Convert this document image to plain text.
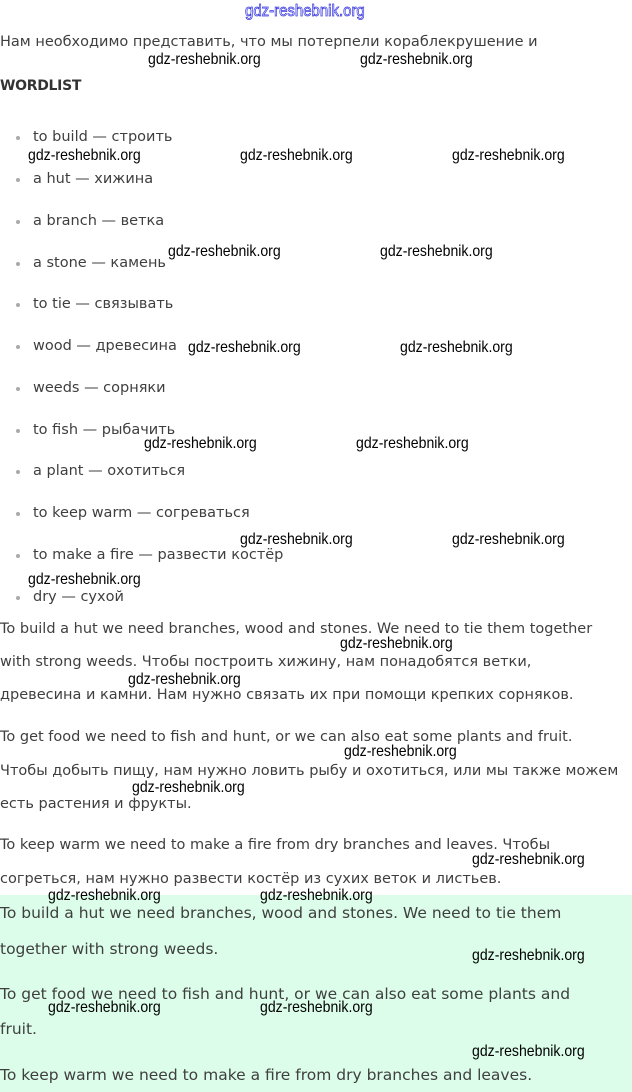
Нам необходимо представить, что мы потерпели кораблекрушение и
WORDLIST
to build — строить
a hut — хижина
a branch — ветка
a stone — камень
to tie — связывать
wood — древесина
weeds — сорняки
to fish — рыбачить
a plant — охотиться
to keep warm — согреваться
to make a fire — развести костёр
dry — сухой
To build a hut we need branches, wood and stones. We need to tie them together
with strong weeds. Чтобы построить хижину, нам понадобятся ветки,
древесина и камни. Нам нужно связать их при помощи крепких сорняков.
To get food we need to fish and hunt, or we can also eat some plants and fruit.
Чтобы добыть пищу, нам нужно ловить рыбу и охотиться, или мы также можем
есть растения и фрукты.
To keep warm we need to make a fire from dry branches and leaves. Чтобы
согреться, нам нужно развести костёр из сухих веток и листьев.
To build a hut we need branches, wood and stones. We need to tie them
together with strong weeds.
To get food we need to fish and hunt, or we can also eat some plants and
fruit.
To keep warm we need to make a fire from dry branches and leaves.
gdz-reshebnik.org
gdz-reshebnik.org	gdz-reshebnik.org
gdz-reshebnik.org	gdz-reshebnik.org	gdz-reshebnik.org
gdz-reshebnik.org	gdz-reshebnik.org
gdz-reshebnik.org	gdz-reshebnik.org
gdz-reshebnik.org	gdz-reshebnik.org
gdz-reshebnik.org	gdz-reshebnik.org
gdz-reshebnik.org
gdz-reshebnik.org
gdz-reshebnik.org
gdz-reshebnik.org
gdz-reshebnik.org
gdz-reshebnik.org
gdz-reshebnik.org	gdz-reshebnik.org
gdz-reshebnik.org
gdz-reshebnik.org	gdz-reshebnik.org
gdz-reshebnik.org
